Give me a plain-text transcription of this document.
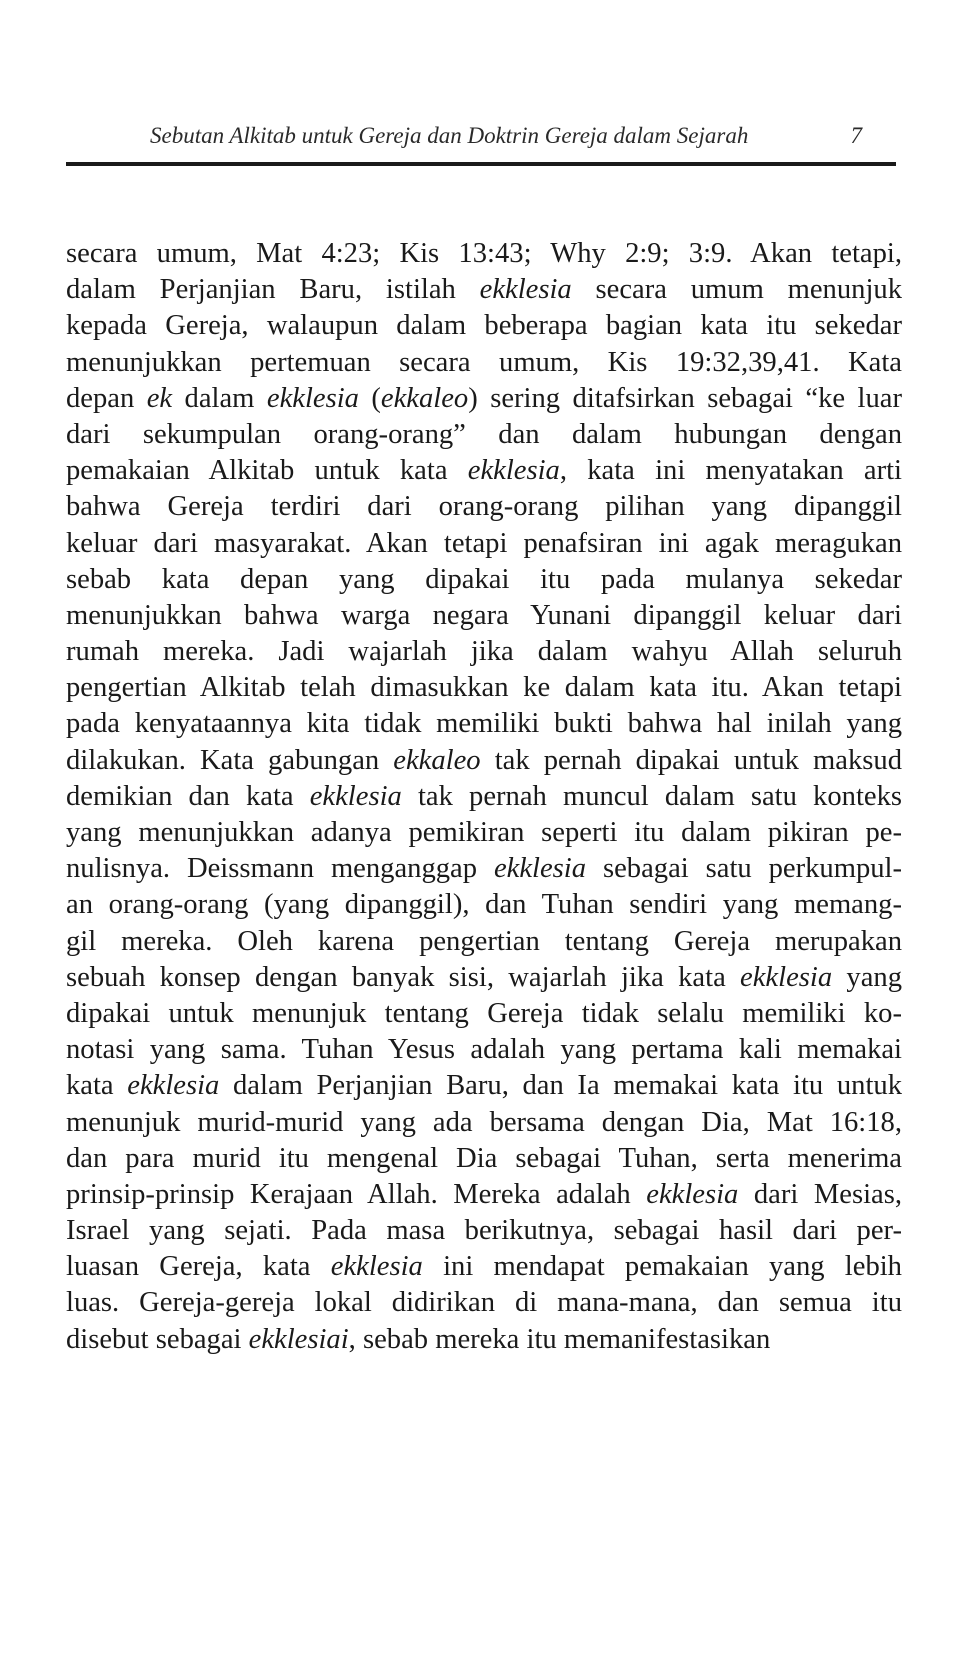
Sebutan Alkitab untuk Gereja dan Doktrin Gereja dalam Sejarah	7
secara umum, Mat 4:23; Kis 13:43; Why 2:9; 3:9. Akan tetapi,
dalam Perjanjian Baru, istilah ekklesia secara umum menunjuk
kepada Gereja, walaupun dalam beberapa bagian kata itu sekedar
menunjukkan pertemuan secara umum, Kis 19:32,39,41. Kata
depan ek dalam ekklesia (ekkaleo) sering ditafsirkan sebagai “ke luar
dari sekumpulan orang-orang” dan dalam hubungan dengan
pemakaian Alkitab untuk kata ekklesia, kata ini menyatakan arti
bahwa Gereja terdiri dari orang-orang pilihan yang dipanggil
keluar dari masyarakat. Akan tetapi penafsiran ini agak meragukan
sebab kata depan yang dipakai itu pada mulanya sekedar
menunjukkan bahwa warga negara Yunani dipanggil keluar dari
rumah mereka. Jadi wajarlah jika dalam wahyu Allah seluruh
pengertian Alkitab telah dimasukkan ke dalam kata itu. Akan tetapi
pada kenyataannya kita tidak memiliki bukti bahwa hal inilah yang
dilakukan. Kata gabungan ekkaleo tak pernah dipakai untuk maksud
demikian dan kata ekklesia tak pernah muncul dalam satu konteks
yang menunjukkan adanya pemikiran seperti itu dalam pikiran pe-
nulisnya. Deissmann menganggap ekklesia sebagai satu perkumpul-
an orang-orang (yang dipanggil), dan Tuhan sendiri yang memang-
gil mereka. Oleh karena pengertian tentang Gereja merupakan
sebuah konsep dengan banyak sisi, wajarlah jika kata ekklesia yang
dipakai untuk menunjuk tentang Gereja tidak selalu memiliki ko-
notasi yang sama. Tuhan Yesus adalah yang pertama kali memakai
kata ekklesia dalam Perjanjian Baru, dan Ia memakai kata itu untuk
menunjuk murid-murid yang ada bersama dengan Dia, Mat 16:18,
dan para murid itu mengenal Dia sebagai Tuhan, serta menerima
prinsip-prinsip Kerajaan Allah. Mereka adalah ekklesia dari Mesias,
Israel yang sejati. Pada masa berikutnya, sebagai hasil dari per-
luasan Gereja, kata ekklesia ini mendapat pemakaian yang lebih
luas. Gereja-gereja lokal didirikan di mana-mana, dan semua itu
disebut sebagai ekklesiai, sebab mereka itu memanifestasikan
